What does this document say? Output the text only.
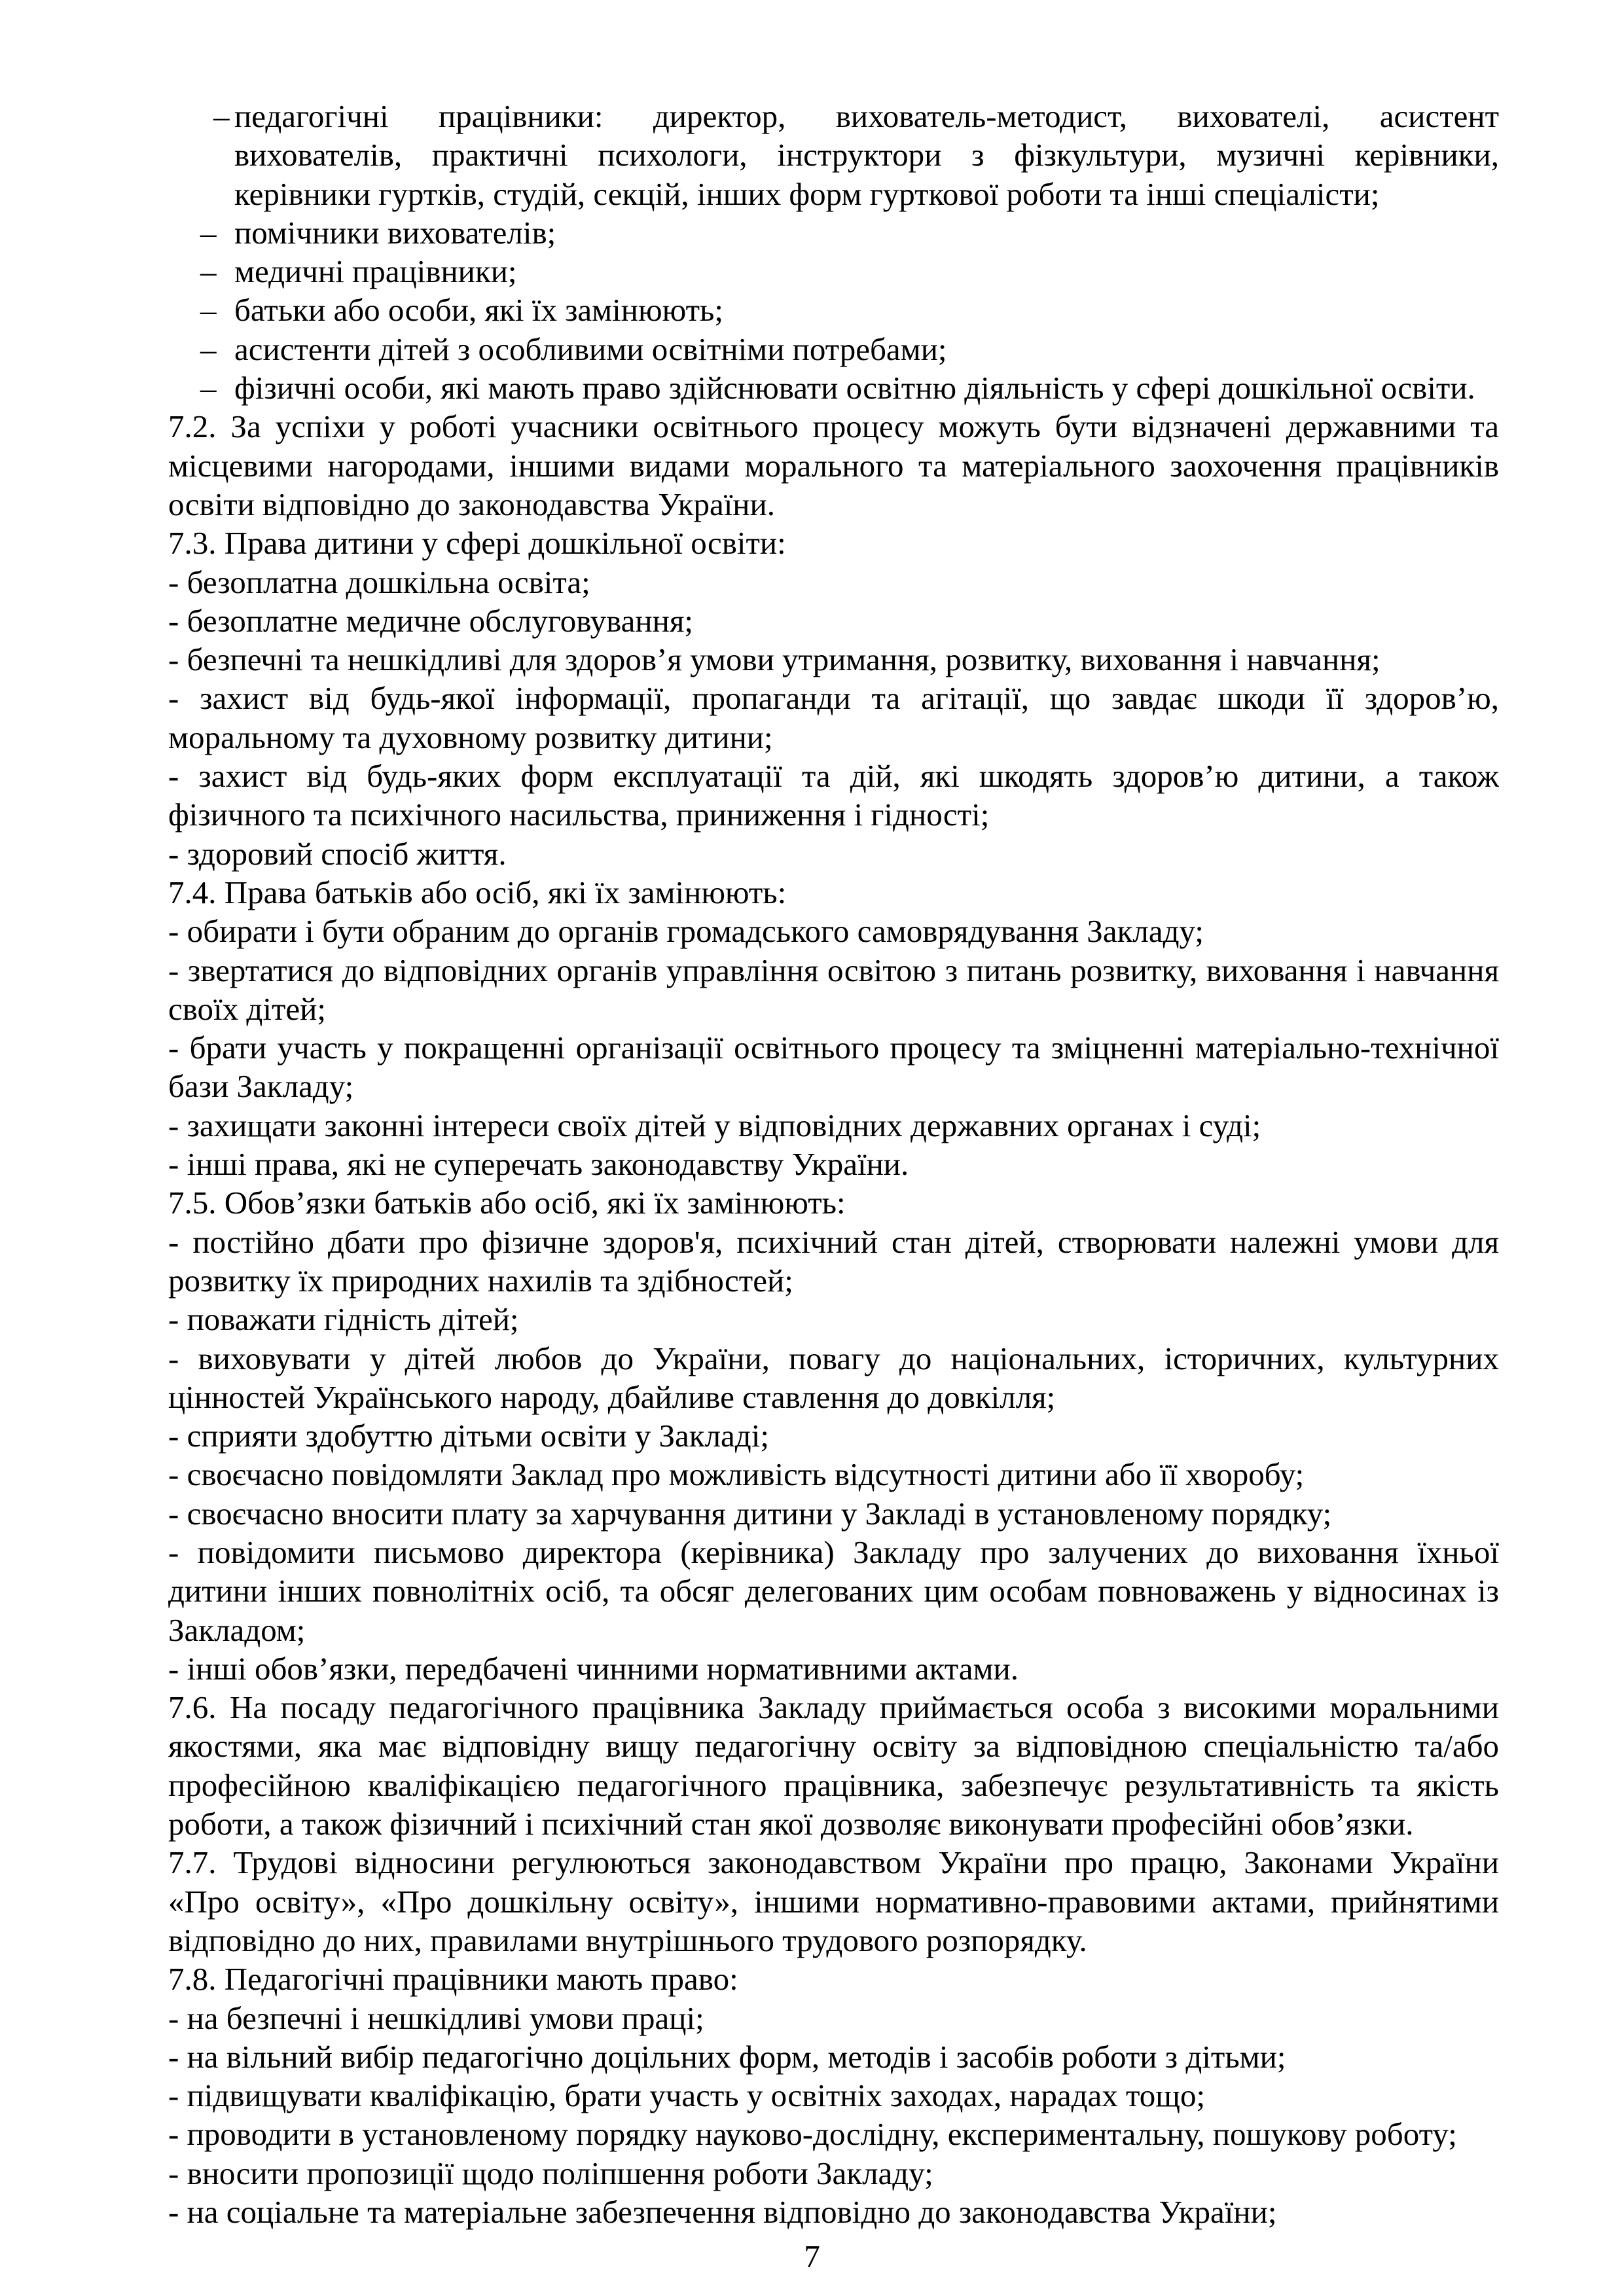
– педагогічні працівники: директор, вихователь-методист, вихователі, асистент
вихователів, практичні психологи, інструктори з фізкультури, музичні керівники,
керівники гуртків, студій, секцій, інших форм гурткової роботи та інші спеціалісти;
– помічники вихователів;
– медичні працівники;
– батьки або особи, які їх замінюють;
– асистенти дітей з особливими освітніми потребами;
– фізичні особи, які мають право здійснювати освітню діяльність у сфері дошкільної освіти.
7.2. За успіхи у роботі учасники освітнього процесу можуть бути відзначені державними та
місцевими нагородами, іншими видами морального та матеріального заохочення працівників
освіти відповідно до законодавства України.
7.3. Права дитини у сфері дошкільної освіти:
- безоплатна дошкільна освіта;
- безоплатне медичне обслуговування;
- безпечні та нешкідливі для здоров’я умови утримання, розвитку, виховання і навчання;
- захист від будь-якої інформації, пропаганди та агітації, що завдає шкоди її здоров’ю,
моральному та духовному розвитку дитини;
- захист від будь-яких форм експлуатації та дій, які шкодять здоров’ю дитини, а також
фізичного та психічного насильства, приниження і гідності;
- здоровий спосіб життя.
7.4. Права батьків або осіб, які їх замінюють:
- обирати і бути обраним до органів громадського самоврядування Закладу;
- звертатися до відповідних органів управління освітою з питань розвитку, виховання і навчання
своїх дітей;
- брати участь у покращенні організації освітнього процесу та зміцненні матеріально-технічної
бази Закладу;
- захищати законні інтереси своїх дітей у відповідних державних органах і суді;
- інші права, які не суперечать законодавству України.
7.5. Обов’язки батьків або осіб, які їх замінюють:
- постійно дбати про фізичне здоров'я, психічний стан дітей, створювати належні умови для
розвитку їх природних нахилів та здібностей;
- поважати гідність дітей;
- виховувати у дітей любов до України, повагу до національних, історичних, культурних
цінностей Українського народу, дбайливе ставлення до довкілля;
- сприяти здобуттю дітьми освіти у Закладі;
- своєчасно повідомляти Заклад про можливість відсутності дитини або її хворобу;
- своєчасно вносити плату за харчування дитини у Закладі в установленому порядку;
- повідомити письмово директора (керівника) Закладу про залучених до виховання їхньої
дитини інших повнолітніх осіб, та обсяг делегованих цим особам повноважень у відносинах із
Закладом;
- інші обов’язки, передбачені чинними нормативними актами.
7.6. На посаду педагогічного працівника Закладу приймається особа з високими моральними
якостями, яка має відповідну вищу педагогічну освіту за відповідною спеціальністю та/або
професійною кваліфікацією педагогічного працівника, забезпечує результативність та якість
роботи, а також фізичний і психічний стан якої дозволяє виконувати професійні обов’язки.
7.7. Трудові відносини регулюються законодавством України про працю, Законами України
«Про освіту», «Про дошкільну освіту», іншими нормативно-правовими актами, прийнятими
відповідно до них, правилами внутрішнього трудового розпорядку.
7.8. Педагогічні працівники мають право:
- на безпечні і нешкідливі умови праці;
- на вільний вибір педагогічно доцільних форм, методів і засобів роботи з дітьми;
- підвищувати кваліфікацію, брати участь у освітніх заходах, нарадах тощо;
- проводити в установленому порядку науково-дослідну, експериментальну, пошукову роботу;
- вносити пропозиції щодо поліпшення роботи Закладу;
- на соціальне та матеріальне забезпечення відповідно до законодавства України;
7
